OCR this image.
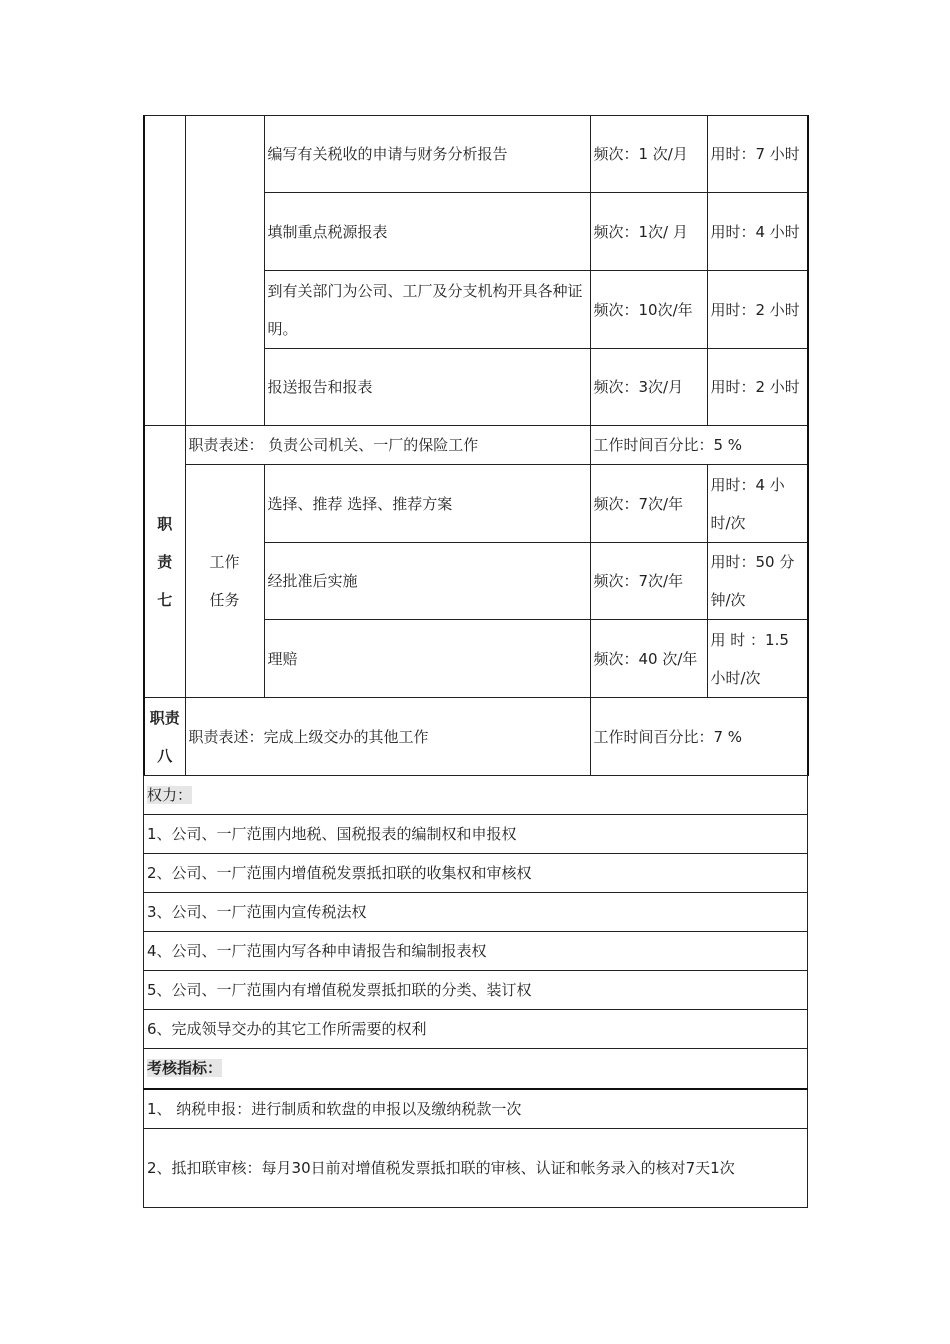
		编写有关税收的申请与财务分析报告	频次：1 次/月	用时：7 小时
		填制重点税源报表	频次：1次/ 月	用时：4 小时
		到有关部门为公司、工厂及分支机构开具各种证明。	频次：10次/年	用时：2 小时
		报送报告和报表	频次：3次/月	用时：2 小时

职责七	职责表述： 负责公司机关、一厂的保险工作		工作时间百分比：5 %	

	工作任务	选择、推荐 选择、推荐方案	频次：7次/年	用时：4 小时/次
		经批准后实施	频次：7次/年	用时：50 分钟/次
		理赔	频次：40 次/年	用 时 ：1.5 小时/次

职责八	职责表述：完成上级交办的其他工作		工作时间百分比：7 %	
权力：
1、公司、一厂范围内地税、国税报表的编制权和申报权
2、公司、一厂范围内增值税发票抵扣联的收集权和审核权
3、公司、一厂范围内宣传税法权
4、公司、一厂范围内写各种申请报告和编制报表权
5、公司、一厂范围内有增值税发票抵扣联的分类、装订权
6、完成领导交办的其它工作所需要的权利
考核指标：
1、 纳税申报：进行制质和软盘的申报以及缴纳税款一次
2、抵扣联审核：每月30日前对增值税发票抵扣联的审核、认证和帐务录入的核对7天1次
